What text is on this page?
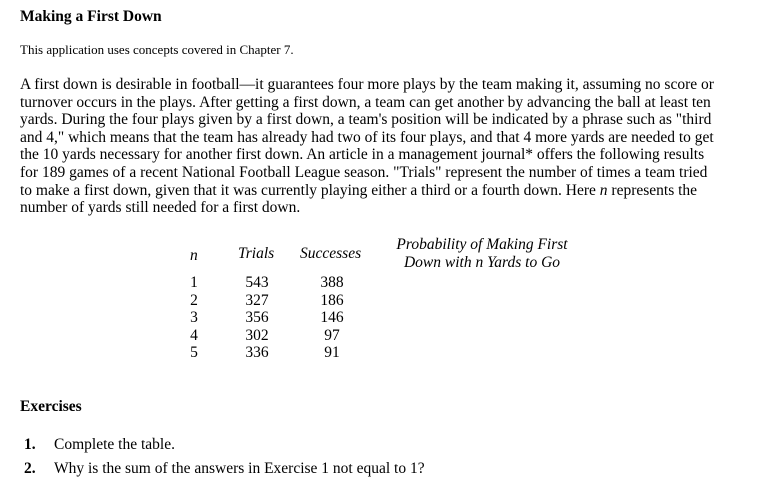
Making a First Down
This application uses concepts covered in Chapter 7.

A first down is desirable in football—it guarantees four more plays by the team making it, assuming no score or
turnover occurs in the plays. After getting a first down, a team can get another by advancing the ball at least ten
yards. During the four plays given by a first down, a team's position will be indicated by a phrase such as "third
and 4," which means that the team has already had two of its four plays, and that 4 more yards are needed to get
the 10 yards necessary for another first down. An article in a management journal* offers the following results
for 189 games of a recent National Football League season. "Trials" represent the number of times a team tried
to make a first down, given that it was currently playing either a third or a fourth down. Here n represents the
number of yards still needed for a first down.

n	Trials Successes
Probability of Making First
Down with n Yards to Go
1
2
3
4
5
543
327
356
302
336
388
186
146
97
91
Exercises
1. Complete the table.
2. Why is the sum of the answers in Exercise 1 not equal to 1?
